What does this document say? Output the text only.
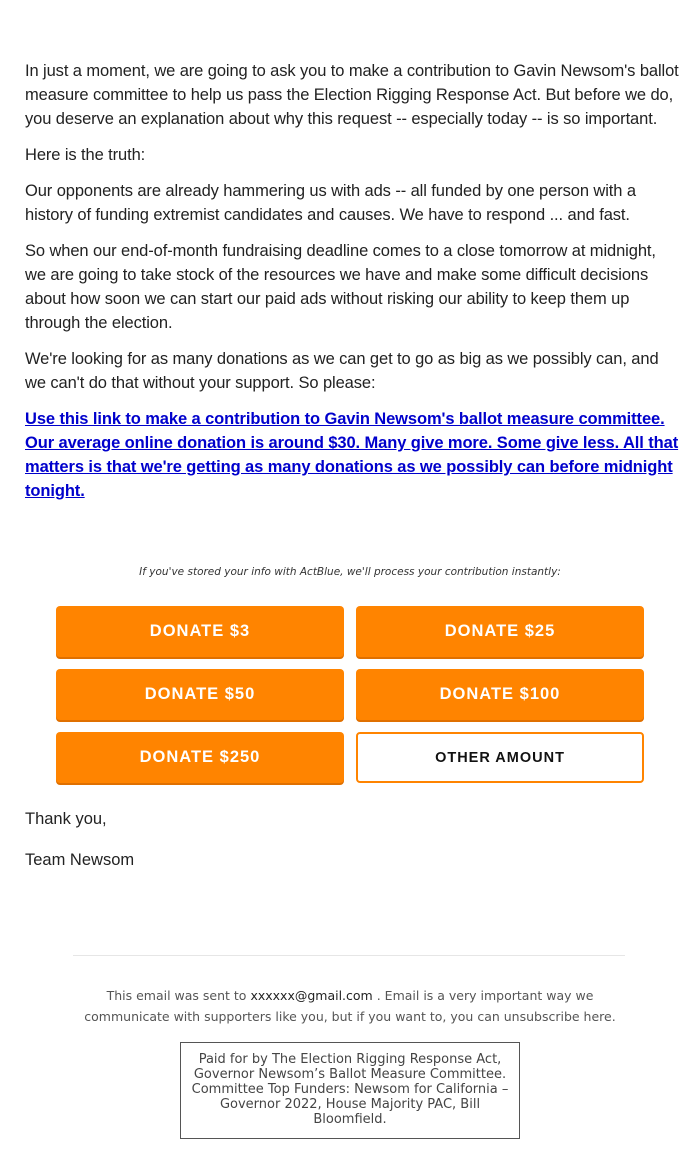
In just a moment, we are going to ask you to make a contribution to Gavin Newsom's ballot measure committee to help us pass the Election Rigging Response Act. But before we do, you deserve an explanation about why this request -- especially today -- is so important.

Here is the truth:

Our opponents are already hammering us with ads -- all funded by one person with a history of funding extremist candidates and causes. We have to respond ... and fast.

So when our end-of-month fundraising deadline comes to a close tomorrow at midnight, we are going to take stock of the resources we have and make some difficult decisions about how soon we can start our paid ads without risking our ability to keep them up through the election.

We're looking for as many donations as we can get to go as big as we possibly can, and we can't do that without your support. So please:

Use this link to make a contribution to Gavin Newsom's ballot measure committee. Our average online donation is around $30. Many give more. Some give less. All that matters is that we're getting as many donations as we possibly can before midnight tonight.
If you've stored your info with ActBlue, we'll process your contribution instantly:
DONATE $3	DONATE $25
DONATE $50	DONATE $100
DONATE $250	OTHER AMOUNT
Thank you,
Team Newsom
This email was sent to xxxxxx@gmail.com . Email is a very important way we
communicate with supporters like you, but if you want to, you can unsubscribe here.
Paid for by The Election Rigging Response Act, Governor Newsom’s Ballot Measure Committee. Committee Top Funders: Newsom for California – Governor 2022, House Majority PAC, Bill Bloomfield.
